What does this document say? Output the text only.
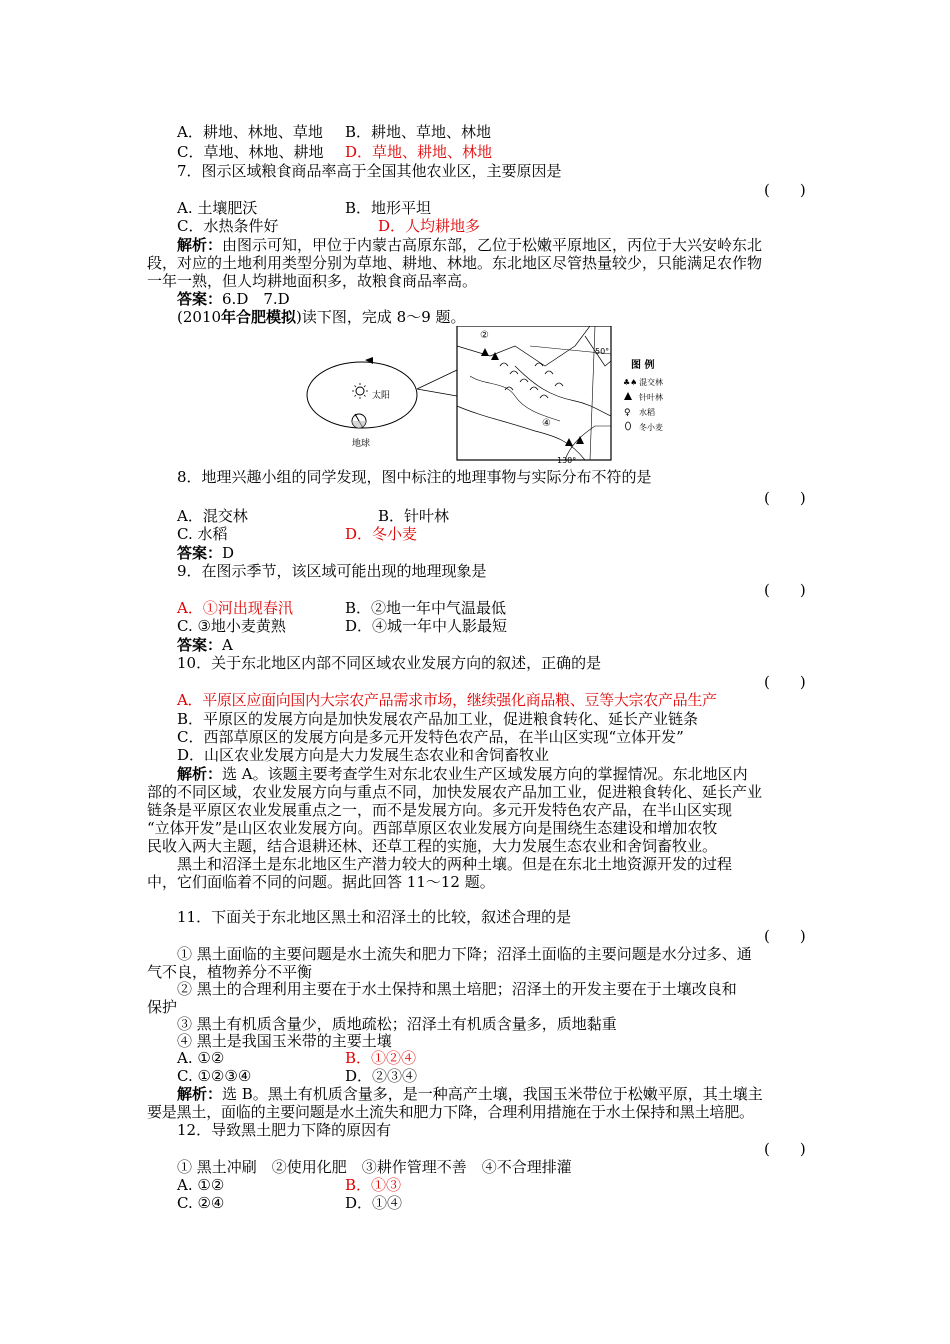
A．耕地、林地、草地 B．耕地、草地、林地
C．草地、林地、耕地 D．草地、耕地、林地
7．图示区域粮食商品率高于全国其他农业区，主要原因是
(　　)
A. 土壤肥沃	B．地形平坦
C．水热条件好	D．人均耕地多
解析：由图示可知，甲位于内蒙古高原东部，乙位于松嫩平原地区，丙位于大兴安岭东北
段，对应的土地利用类型分别为草地、耕地、林地。东北地区尽管热量较少，只能满足农作物
一年一熟，但人均耕地面积多，故粮食商品率高。
答案：6.D　7.D
(2010年合肥模拟)读下图，完成 8～9 题。
太阳
地球
50°
130°
②
④
图 例
♣♠ 混交林
针叶林
♀ 水稻
冬小麦
8．地理兴趣小组的同学发现，图中标注的地理事物与实际分布不符的是
(　　)
A．混交林	B．针叶林
C. 水稻	D．冬小麦
答案：D
9．在图示季节，该区域可能出现的地理现象是
(　　)
A．①河出现春汛	B．②地一年中气温最低
C. ③地小麦黄熟	D．④城一年中人影最短
答案：A
10．关于东北地区内部不同区域农业发展方向的叙述，正确的是
(　　)
A．平原区应面向国内大宗农产品需求市场，继续强化商品粮、豆等大宗农产品生产
B．平原区的发展方向是加快发展农产品加工业，促进粮食转化、延长产业链条
C．西部草原区的发展方向是多元开发特色农产品，在半山区实现“立体开发”
D．山区农业发展方向是大力发展生态农业和舍饲畜牧业
解析：选 A。该题主要考查学生对东北农业生产区域发展方向的掌握情况。东北地区内
部的不同区域，农业发展方向与重点不同，加快发展农产品加工业，促进粮食转化、延长产业
链条是平原区农业发展重点之一，而不是发展方向。多元开发特色农产品，在半山区实现
“立体开发”是山区农业发展方向。西部草原区农业发展方向是围绕生态建设和增加农牧
民收入两大主题，结合退耕还林、还草工程的实施，大力发展生态农业和舍饲畜牧业。
黑土和沼泽土是东北地区生产潜力较大的两种土壤。但是在东北土地资源开发的过程
中，它们面临着不同的问题。据此回答 11～12 题。
11．下面关于东北地区黑土和沼泽土的比较，叙述合理的是
(　　)
① 黑土面临的主要问题是水土流失和肥力下降；沼泽土面临的主要问题是水分过多、通
气不良，植物养分不平衡
② 黑土的合理利用主要在于水土保持和黑土培肥；沼泽土的开发主要在于土壤改良和
保护
③ 黑土有机质含量少，质地疏松；沼泽土有机质含量多，质地黏重
④ 黑土是我国玉米带的主要土壤
A. ①②	B．①②④
C. ①②③④	D．②③④
解析：选 B。黑土有机质含量多，是一种高产土壤，我国玉米带位于松嫩平原，其土壤主
要是黑土，面临的主要问题是水土流失和肥力下降，合理利用措施在于水土保持和黑土培肥。
12．导致黑土肥力下降的原因有
(　　)
① 黑土冲刷　②使用化肥　③耕作管理不善　④不合理排灌
A. ①②	B．①③
C. ②④	D．①④
